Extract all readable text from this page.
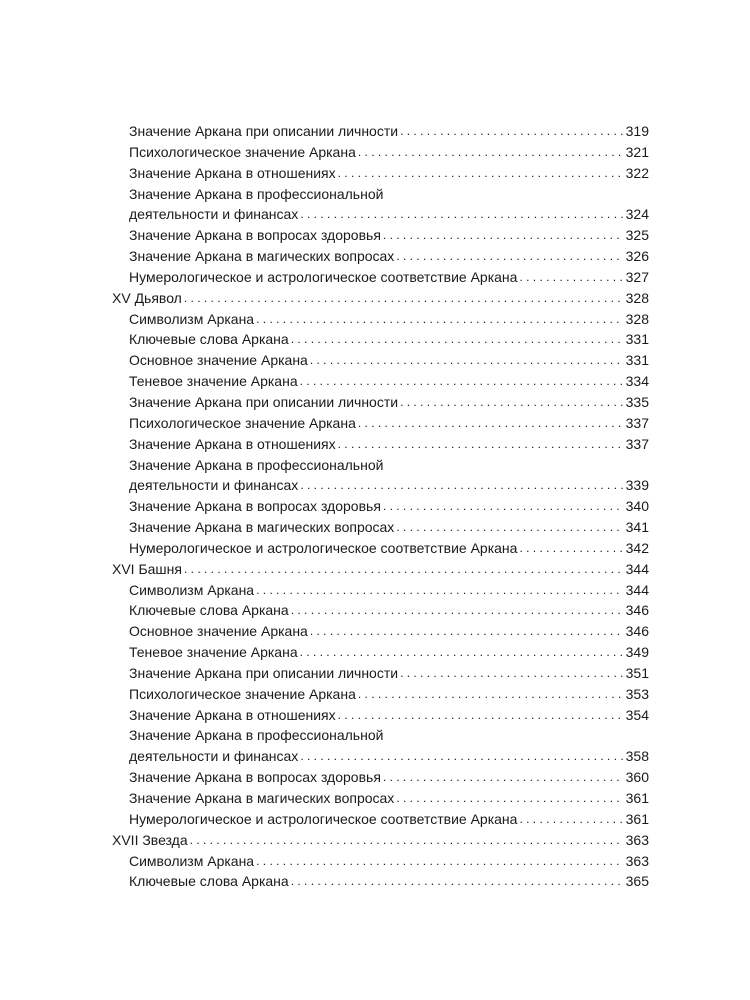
Значение Аркана при описании личности . . .	319
Психологическое значение Аркана . . .	321
Значение Аркана в отношениях . . .	322
Значение Аркана в профессиональной
деятельности и финансах . . .	324
Значение Аркана в вопросах здоровья . . .	325
Значение Аркана в магических вопросах . . .	326
Нумерологическое и астрологическое соответствие Аркана . . .	327
XV Дьявол . . .	328
Символизм Аркана . . .	328
Ключевые слова Аркана . . .	331
Основное значение Аркана . . .	331
Теневое значение Аркана . . .	334
Значение Аркана при описании личности . . .	335
Психологическое значение Аркана . . .	337
Значение Аркана в отношениях . . .	337
Значение Аркана в профессиональной
деятельности и финансах . . .	339
Значение Аркана в вопросах здоровья . . .	340
Значение Аркана в магических вопросах . . .	341
Нумерологическое и астрологическое соответствие Аркана . . .	342
XVI Башня . . .	344
Символизм Аркана . . .	344
Ключевые слова Аркана . . .	346
Основное значение Аркана . . .	346
Теневое значение Аркана . . .	349
Значение Аркана при описании личности . . .	351
Психологическое значение Аркана . . .	353
Значение Аркана в отношениях . . .	354
Значение Аркана в профессиональной
деятельности и финансах . . .	358
Значение Аркана в вопросах здоровья . . .	360
Значение Аркана в магических вопросах . . .	361
Нумерологическое и астрологическое соответствие Аркана . . .	361
XVII Звезда . . .	363
Символизм Аркана . . .	363
Ключевые слова Аркана . . .	365
